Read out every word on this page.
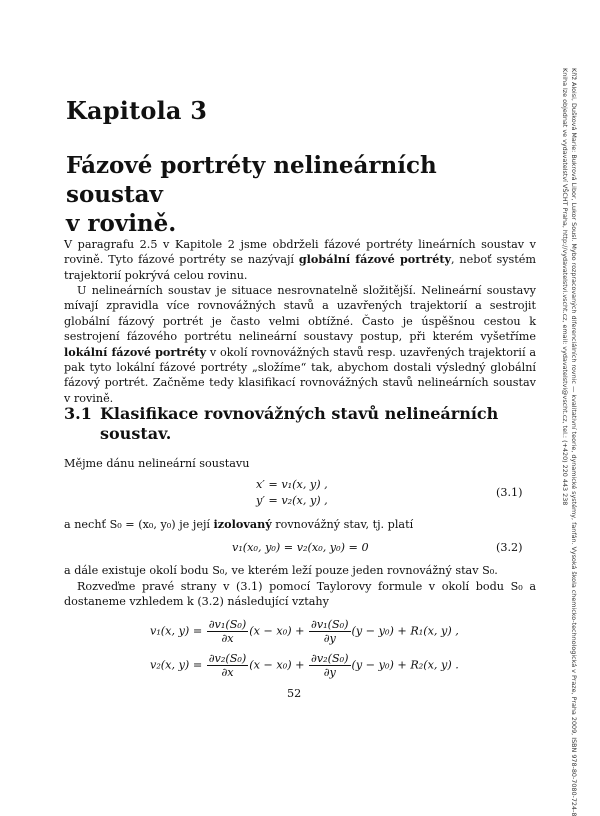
Kapitola 3
Fázové portréty nelineárních soustav
v rovině.

V paragrafu 2.5 v Kapitole 2 jsme obdrželi fázové portréty lineárních soustav v rovině. Tyto fázové portréty se nazývají globální fázové portréty, neboť systém trajektorií pokrývá celou rovinu.

U nelineárních soustav je situace nesrovnatelně složitější. Nelineární soustavy mívají zpravidla více rovnovážných stavů a uzavřených trajektorií a sestrojit globální fázový portrét je často velmi obtížné. Často je úspěšnou cestou k sestrojení fázového portrétu nelineární soustavy postup, při kterém vyšetříme lokální fázové portréty v okolí rovnovážných stavů resp. uzavřených trajektorií a pak tyto lokální fázové portréty „složíme“ tak, abychom dostali výsledný globální fázový portrét. Začněme tedy klasifikací rovnovážných stavů nelineárních soustav v rovině.

3.1 Klasifikace rovnovážných stavů nelineárních soustav.

Mějme dánu nelineární soustavu

x′ = v₁(x, y) ,
y′ = v₂(x, y) ,
(3.1)

a nechť S₀ = (x₀, y₀) je její izolovaný rovnovážný stav, tj. platí

v₁(x₀, y₀) = v₂(x₀, y₀) = 0	(3.2)

a dále existuje okolí bodu S₀, ve kterém leží pouze jeden rovnovážný stav S₀.

Rozveďme pravé strany v (3.1) pomocí Taylorovy formule v okolí bodu S₀ a dostaneme vzhledem k (3.2) následující vztahy

v₁(x, $y) = \frac{\text{∂v₁(S₀)}}{\partial x} (x - x_0) + \frac{\text{∂v₁(S₀)}}{\partial y} (y - y_0) + R_1(x$, y) ,
v₂(x, $y) = \frac{\text{∂v₂(S₀)}}{\partial x} (x - x_0) + \frac{\text{∂v₂(S₀)}}{\partial y} (y - y_0) + R_2(x$, y) .
52	Kříž Aloisi, Dušková Marie: Bukrová Libor, Lukor Sousl. Mybo rozpracovaných diferenciálních rovnic — kvalitativní teorie, dynamické systémy, fanfán. Vysoká škola chemicko-technologická v Praze, Praha 2009, ISBN 978-80-7080-724-8
Kniha lze objednat ve vydavatelství VŠCHT Praha, http://vydavatelstvi.vscht.cz, email: vydavatelstvi@vscht.cz, tel.: (+420) 220 443 238
